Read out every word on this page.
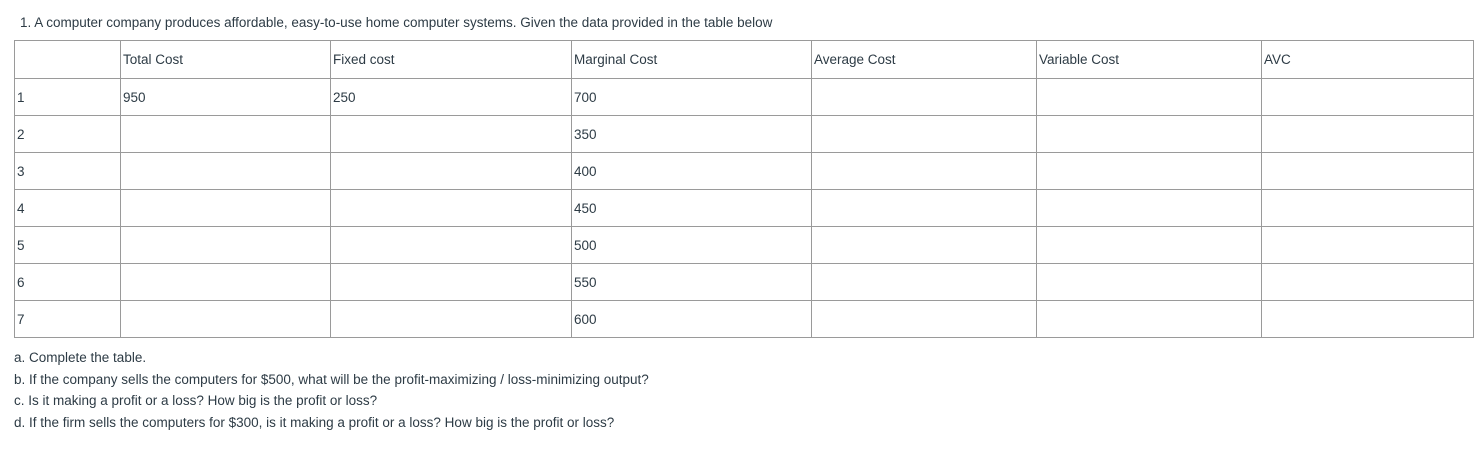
1. A computer company produces affordable, easy-to-use home computer systems. Given the data provided in the table below
	Total Cost	Fixed cost	Marginal Cost	Average Cost	Variable Cost	AVC
1	950	250	700			
2			350			
3			400			
4			450			
5			500			
6			550			
7			600			
a. Complete the table.
b. If the company sells the computers for $500, what will be the profit-maximizing / loss-minimizing output?
c. Is it making a profit or a loss? How big is the profit or loss?
d. If the firm sells the computers for $300, is it making a profit or a loss? How big is the profit or loss?
